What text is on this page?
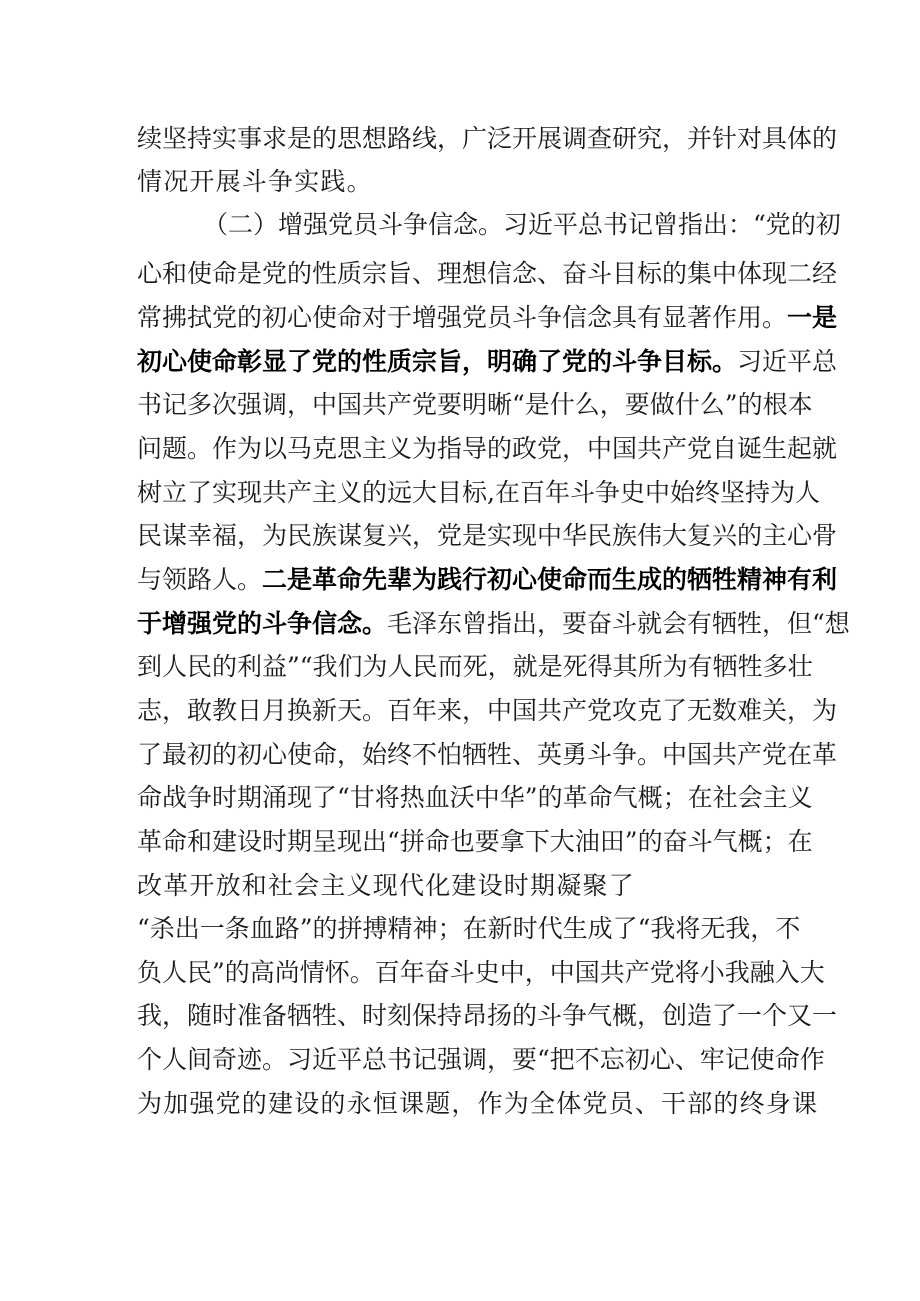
续坚持实事求是的思想路线，广泛开展调查研究，并针对具体的
情况开展斗争实践。
（二）增强党员斗争信念。习近平总书记曾指出：“党的初
心和使命是党的性质宗旨、理想信念、奋斗目标的集中体现二经
常拂拭党的初心使命对于增强党员斗争信念具有显著作用。一是
初心使命彰显了党的性质宗旨，明确了党的斗争目标。习近平总
书记多次强调，中国共产党要明晰“是什么，要做什么”的根本
问题。作为以马克思主义为指导的政党，中国共产党自诞生起就
树立了实现共产主义的远大目标,在百年斗争史中始终坚持为人
民谋幸福，为民族谋复兴，党是实现中华民族伟大复兴的主心骨
与领路人。二是革命先辈为践行初心使命而生成的牺牲精神有利
于增强党的斗争信念。毛泽东曾指出，要奋斗就会有牺牲，但“想
到人民的利益”“我们为人民而死，就是死得其所为有牺牲多壮
志，敢教日月换新天。百年来，中国共产党攻克了无数难关，为
了最初的初心使命，始终不怕牺牲、英勇斗争。中国共产党在革
命战争时期涌现了“甘将热血沃中华”的革命气概；在社会主义
革命和建设时期呈现出“拼命也要拿下大油田”的奋斗气概；在
改革开放和社会主义现代化建设时期凝聚了
“杀出一条血路”的拼搏精神；在新时代生成了“我将无我，不
负人民”的高尚情怀。百年奋斗史中，中国共产党将小我融入大
我，随时准备牺牲、时刻保持昂扬的斗争气概，创造了一个又一
个人间奇迹。习近平总书记强调，要“把不忘初心、牢记使命作
为加强党的建设的永恒课题，作为全体党员、干部的终身课
